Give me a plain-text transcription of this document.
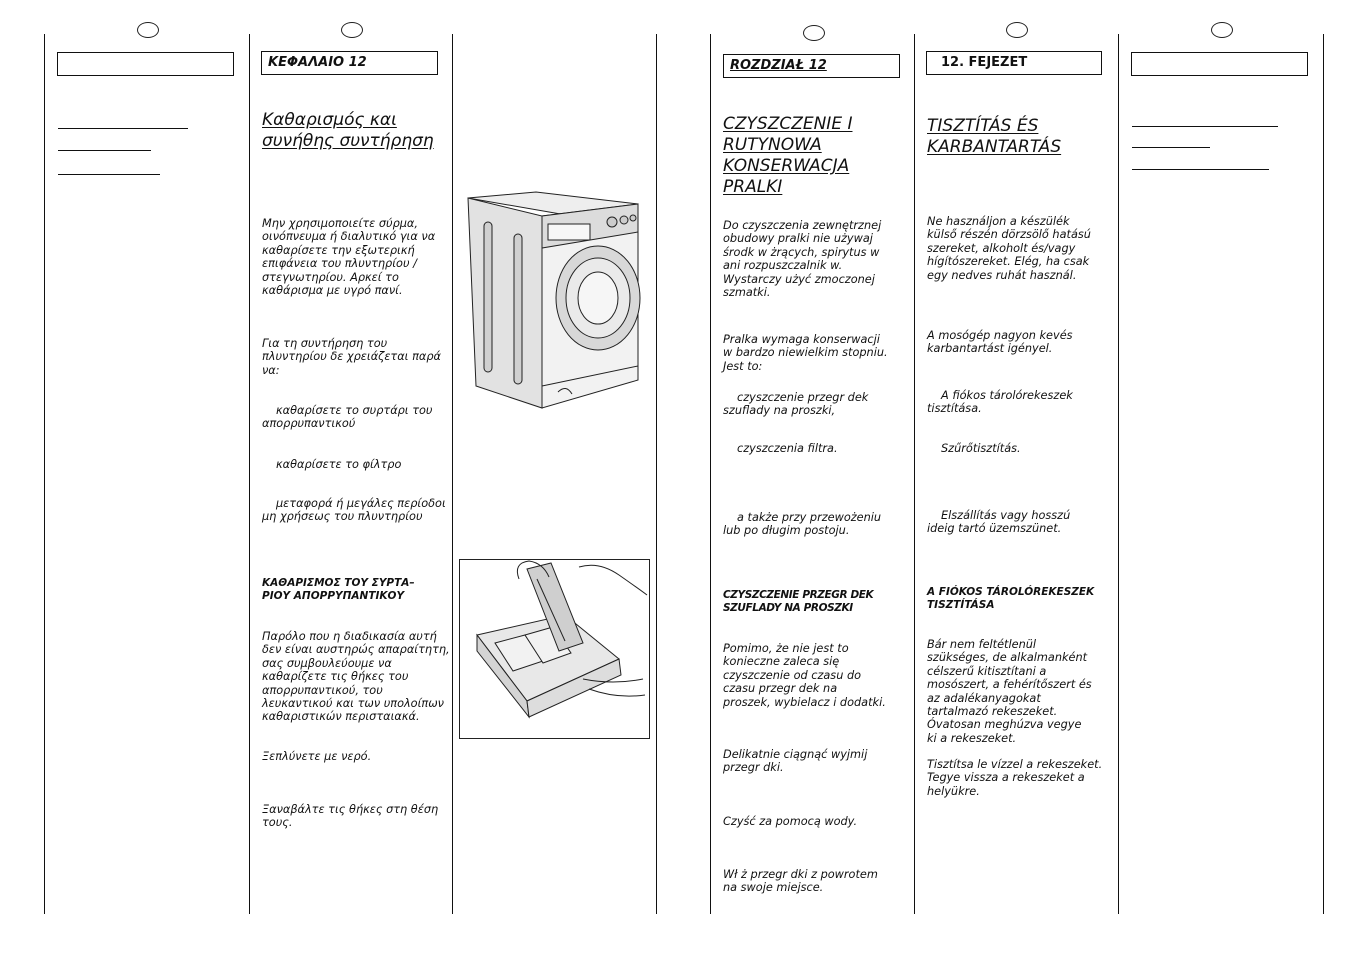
ΚΕΦΑΛΑΙΟ 12
Καθαρισμός και
συνήθης συντήρηση
Μην χρησιμοποιείτε σύρμα,
οινόπνευμα ή διαλυτικό για να
καθαρίσετε την εξωτερική
επιφάνεια του πλυντηρίου /
στεγνωτηρίου. Αρκεί το
καθάρισμα με υγρό πανί.
Για τη συντήρηση του
πλυντηρίου δε χρειάζεται παρά
να:
καθαρίσετε το συρτάρι του
απορρυπαντικού
καθαρίσετε το φίλτρο
μεταφορά ή μεγάλες περίοδοι
μη χρήσεως του πλυντηρίου
ΚΑΘΑΡΙΣΜΟΣ ΤΟΥ ΣΥΡΤΑ–
ΡΙΟΥ ΑΠΟΡΡΥΠΑΝΤΙΚΟΥ
Παρόλο που η διαδικασία αυτή
δεν είναι αυστηρώς απαραίτητη,
σας συμβουλεύουμε να
καθαρίζετε τις θήκες του
απορρυπαντικού, του
λευκαντικού και των υπολοίπων
καθαριστικών περισταιακά.
Ξεπλύνετε με νερό.
Ξαναβάλτε τις θήκες στη θέση
τους.
ROZDZIAŁ 12
CZYSZCZENIE I
RUTYNOWA
KONSERWACJA
PRALKI
Do czyszczenia zewnętrznej
obudowy pralki nie używaj
środk w żrących, spirytus w
ani rozpuszczalnik w.
Wystarczy użyć zmoczonej
szmatki.
Pralka wymaga konserwacji
w bardzo niewielkim stopniu.
Jest to:
czyszczenie przegr dek
szuflady na proszki,
czyszczenia filtra.
a także przy przewożeniu
lub po długim postoju.
CZYSZCZENIE PRZEGR DEK
SZUFLADY NA PROSZKI
Pomimo, że nie jest to
konieczne zaleca się
czyszczenie od czasu do
czasu przegr dek na
proszek, wybielacz i dodatki.
Delikatnie ciągnąć wyjmij
przegr dki.
Czyść za pomocą wody.
Wł ż przegr dki z powrotem
na swoje miejsce.
12. FEJEZET
TISZTÍTÁS ÉS
KARBANTARTÁS
Ne használjon a készülék
külső részén dörzsölő hatású
szereket, alkoholt és/vagy
hígítószereket. Elég, ha csak
egy nedves ruhát használ.
A mosógép nagyon kevés
karbantartást igényel.
A fiókos tárolórekeszek
tisztítása.
Szűrőtisztítás.
Elszállítás vagy hosszú
ideig tartó üzemszünet.
A FIÓKOS TÁROLÓREKESZEK
TISZTÍTÁSA
Bár nem feltétlenül
szükséges, de alkalmanként
célszerű kitisztítani a
mosószert, a fehérítőszert és
az adalékanyagokat
tartalmazó rekeszeket.
Óvatosan meghúzva vegye
ki a rekeszeket.
Tisztítsa le vízzel a rekeszeket.
Tegye vissza a rekeszeket a
helyükre.
